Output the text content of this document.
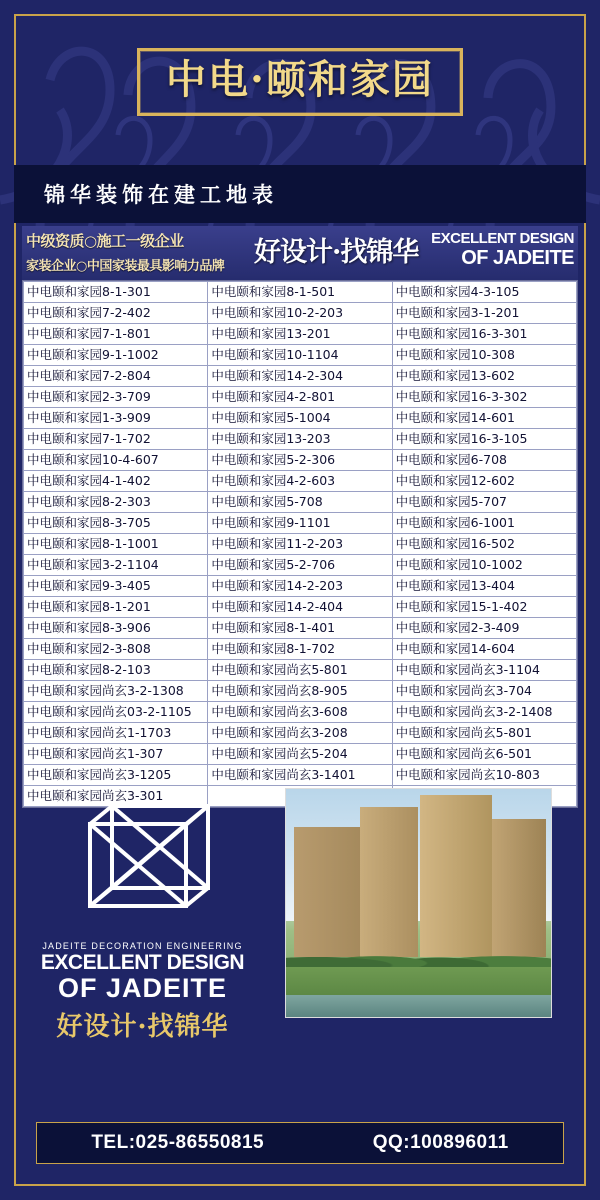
中电·颐和家园
锦华装饰在建工地表
中级资质○施工一级企业
家装企业○中国家装最具影响力品牌	好设计·找锦华 EXCELLENT DESIGN
OF JADEITE
中电颐和家园8-1-301	中电颐和家园8-1-501	中电颐和家园4-3-105
中电颐和家园7-2-402	中电颐和家园10-2-203	中电颐和家园3-1-201
中电颐和家园7-1-801	中电颐和家园13-201	中电颐和家园16-3-301
中电颐和家园9-1-1002	中电颐和家园10-1104	中电颐和家园10-308
中电颐和家园7-2-804	中电颐和家园14-2-304	中电颐和家园13-602
中电颐和家园2-3-709	中电颐和家园4-2-801	中电颐和家园16-3-302
中电颐和家园1-3-909	中电颐和家园5-1004	中电颐和家园14-601
中电颐和家园7-1-702	中电颐和家园13-203	中电颐和家园16-3-105
中电颐和家园10-4-607	中电颐和家园5-2-306	中电颐和家园6-708
中电颐和家园4-1-402	中电颐和家园4-2-603	中电颐和家园12-602
中电颐和家园8-2-303	中电颐和家园5-708	中电颐和家园5-707
中电颐和家园8-3-705	中电颐和家园9-1101	中电颐和家园6-1001
中电颐和家园8-1-1001	中电颐和家园11-2-203	中电颐和家园16-502
中电颐和家园3-2-1104	中电颐和家园5-2-706	中电颐和家园10-1002
中电颐和家园9-3-405	中电颐和家园14-2-203	中电颐和家园13-404
中电颐和家园8-1-201	中电颐和家园14-2-404	中电颐和家园15-1-402
中电颐和家园8-3-906	中电颐和家园8-1-401	中电颐和家园2-3-409
中电颐和家园2-3-808	中电颐和家园8-1-702	中电颐和家园14-604
中电颐和家园8-2-103	中电颐和家园尚玄5-801	中电颐和家园尚玄3-1104
中电颐和家园尚玄3-2-1308	中电颐和家园尚玄8-905	中电颐和家园尚玄3-704
中电颐和家园尚玄03-2-1105	中电颐和家园尚玄3-608	中电颐和家园尚玄3-2-1408
中电颐和家园尚玄1-1703	中电颐和家园尚玄3-208	中电颐和家园尚玄5-801
中电颐和家园尚玄1-307	中电颐和家园尚玄5-204	中电颐和家园尚玄6-501
中电颐和家园尚玄3-1205	中电颐和家园尚玄3-1401	中电颐和家园尚玄10-803
中电颐和家园尚玄3-301		
JADEITE DECORATION ENGINEERING
EXCELLENT DESIGN
OF JADEITE
好设计·找锦华
TEL:025-86550815	QQ:100896011
